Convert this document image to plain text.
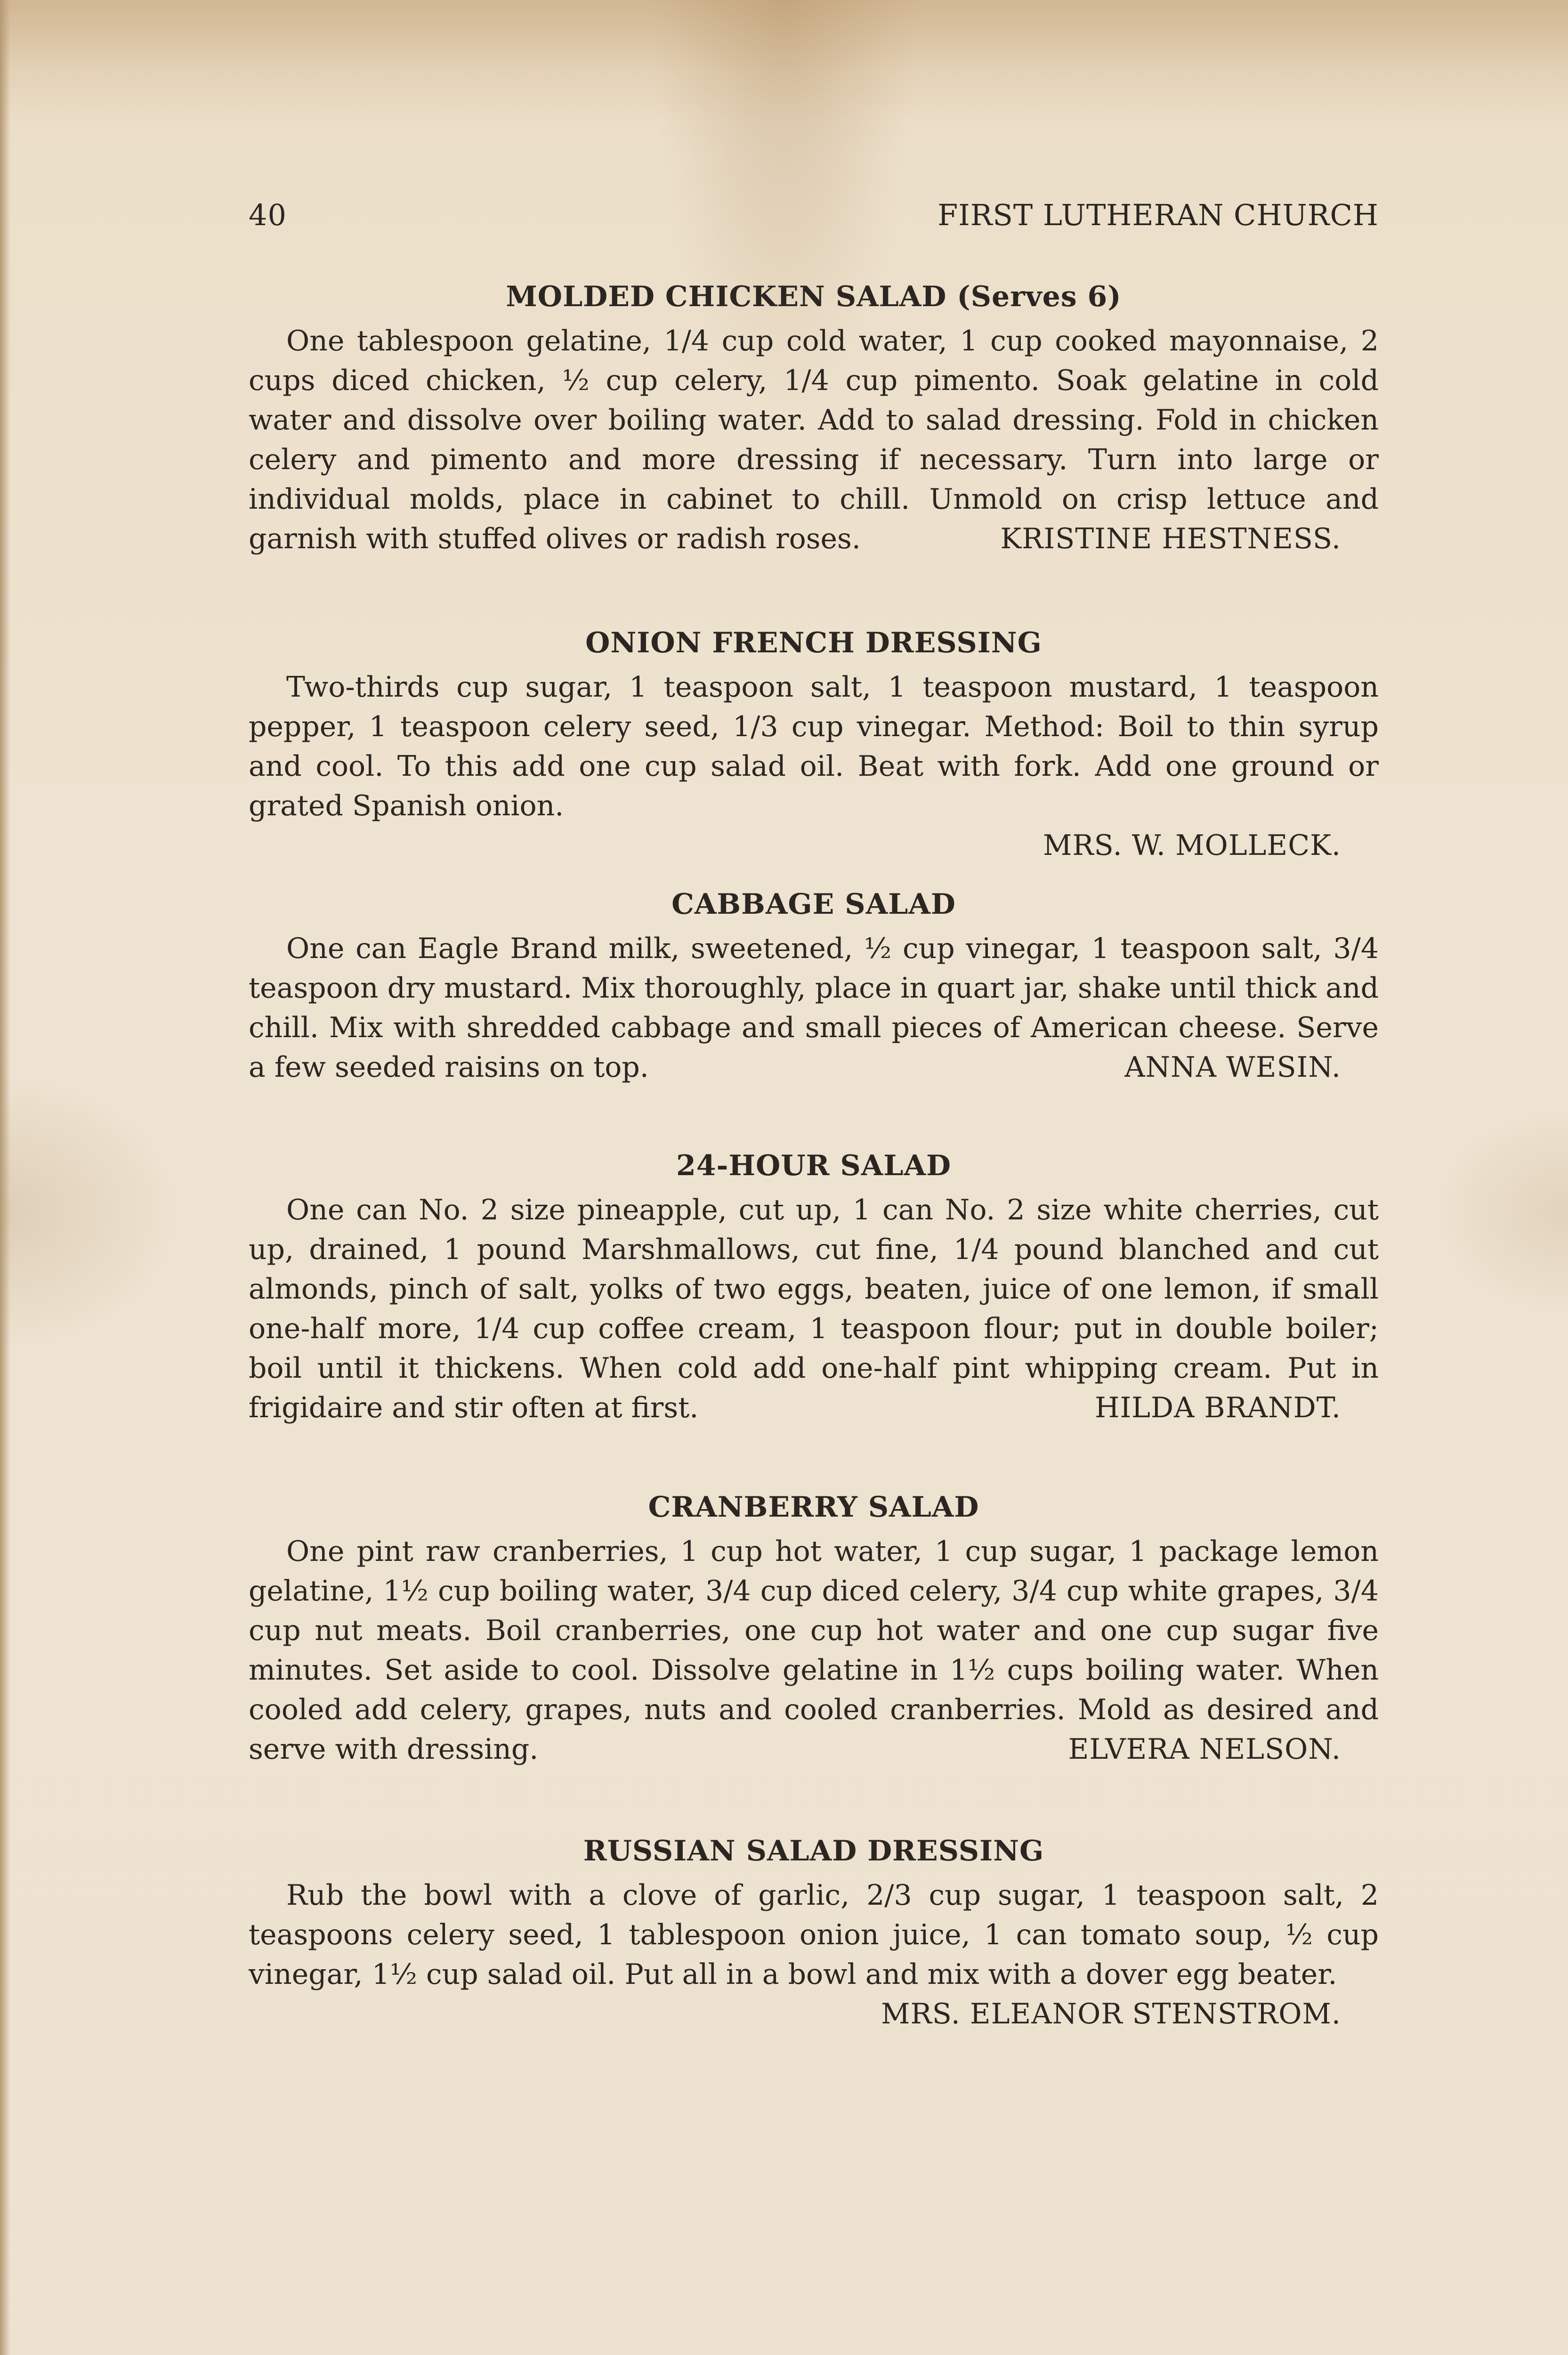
40	FIRST LUTHERAN CHURCH
MOLDED CHICKEN SALAD (Serves 6)

One tablespoon gelatine, 1/4 cup cold water, 1 cup cooked mayonnaise, 2 cups diced chicken, ½ cup celery, 1/4 cup pimento. Soak gelatine in cold water and dissolve over boiling water. Add to salad dressing. Fold in chicken celery and pimento and more dressing if necessary. Turn into large or individual molds, place in cabinet to chill. Unmold on crisp lettuce and garnish with stuffed olives or radish roses.	KRISTINE HESTNESS.

ONION FRENCH DRESSING

Two-thirds cup sugar, 1 teaspoon salt, 1 teaspoon mustard, 1 teaspoon pepper, 1 teaspoon celery seed, 1/3 cup vinegar. Method: Boil to thin syrup and cool. To this add one cup salad oil. Beat with fork. Add one ground or grated Spanish onion.

MRS. W. MOLLECK.

CABBAGE SALAD

One can Eagle Brand milk, sweetened, ½ cup vinegar, 1 teaspoon salt, 3/4 teaspoon dry mustard. Mix thoroughly, place in quart jar, shake until thick and chill. Mix with shredded cabbage and small pieces of American cheese. Serve a few seeded raisins on top.	ANNA WESIN.

24-HOUR SALAD

One can No. 2 size pineapple, cut up, 1 can No. 2 size white cherries, cut up, drained, 1 pound Marshmallows, cut fine, 1/4 pound blanched and cut almonds, pinch of salt, yolks of two eggs, beaten, juice of one lemon, if small one-half more, 1/4 cup coffee cream, 1 teaspoon flour; put in double boiler; boil until it thickens. When cold add one-half pint whipping cream. Put in frigidaire and stir often at first.	HILDA BRANDT.

CRANBERRY SALAD

One pint raw cranberries, 1 cup hot water, 1 cup sugar, 1 package lemon gelatine, 1½ cup boiling water, 3/4 cup diced celery, 3/4 cup white grapes, 3/4 cup nut meats. Boil cranberries, one cup hot water and one cup sugar five minutes. Set aside to cool. Dissolve gelatine in 1½ cups boiling water. When cooled add celery, grapes, nuts and cooled cranberries. Mold as desired and serve with dressing.	ELVERA NELSON.

RUSSIAN SALAD DRESSING

Rub the bowl with a clove of garlic, 2/3 cup sugar, 1 teaspoon salt, 2 teaspoons celery seed, 1 tablespoon onion juice, 1 can tomato soup, ½ cup vinegar, 1½ cup salad oil. Put all in a bowl and mix with a dover egg beater.

MRS. ELEANOR STENSTROM.
